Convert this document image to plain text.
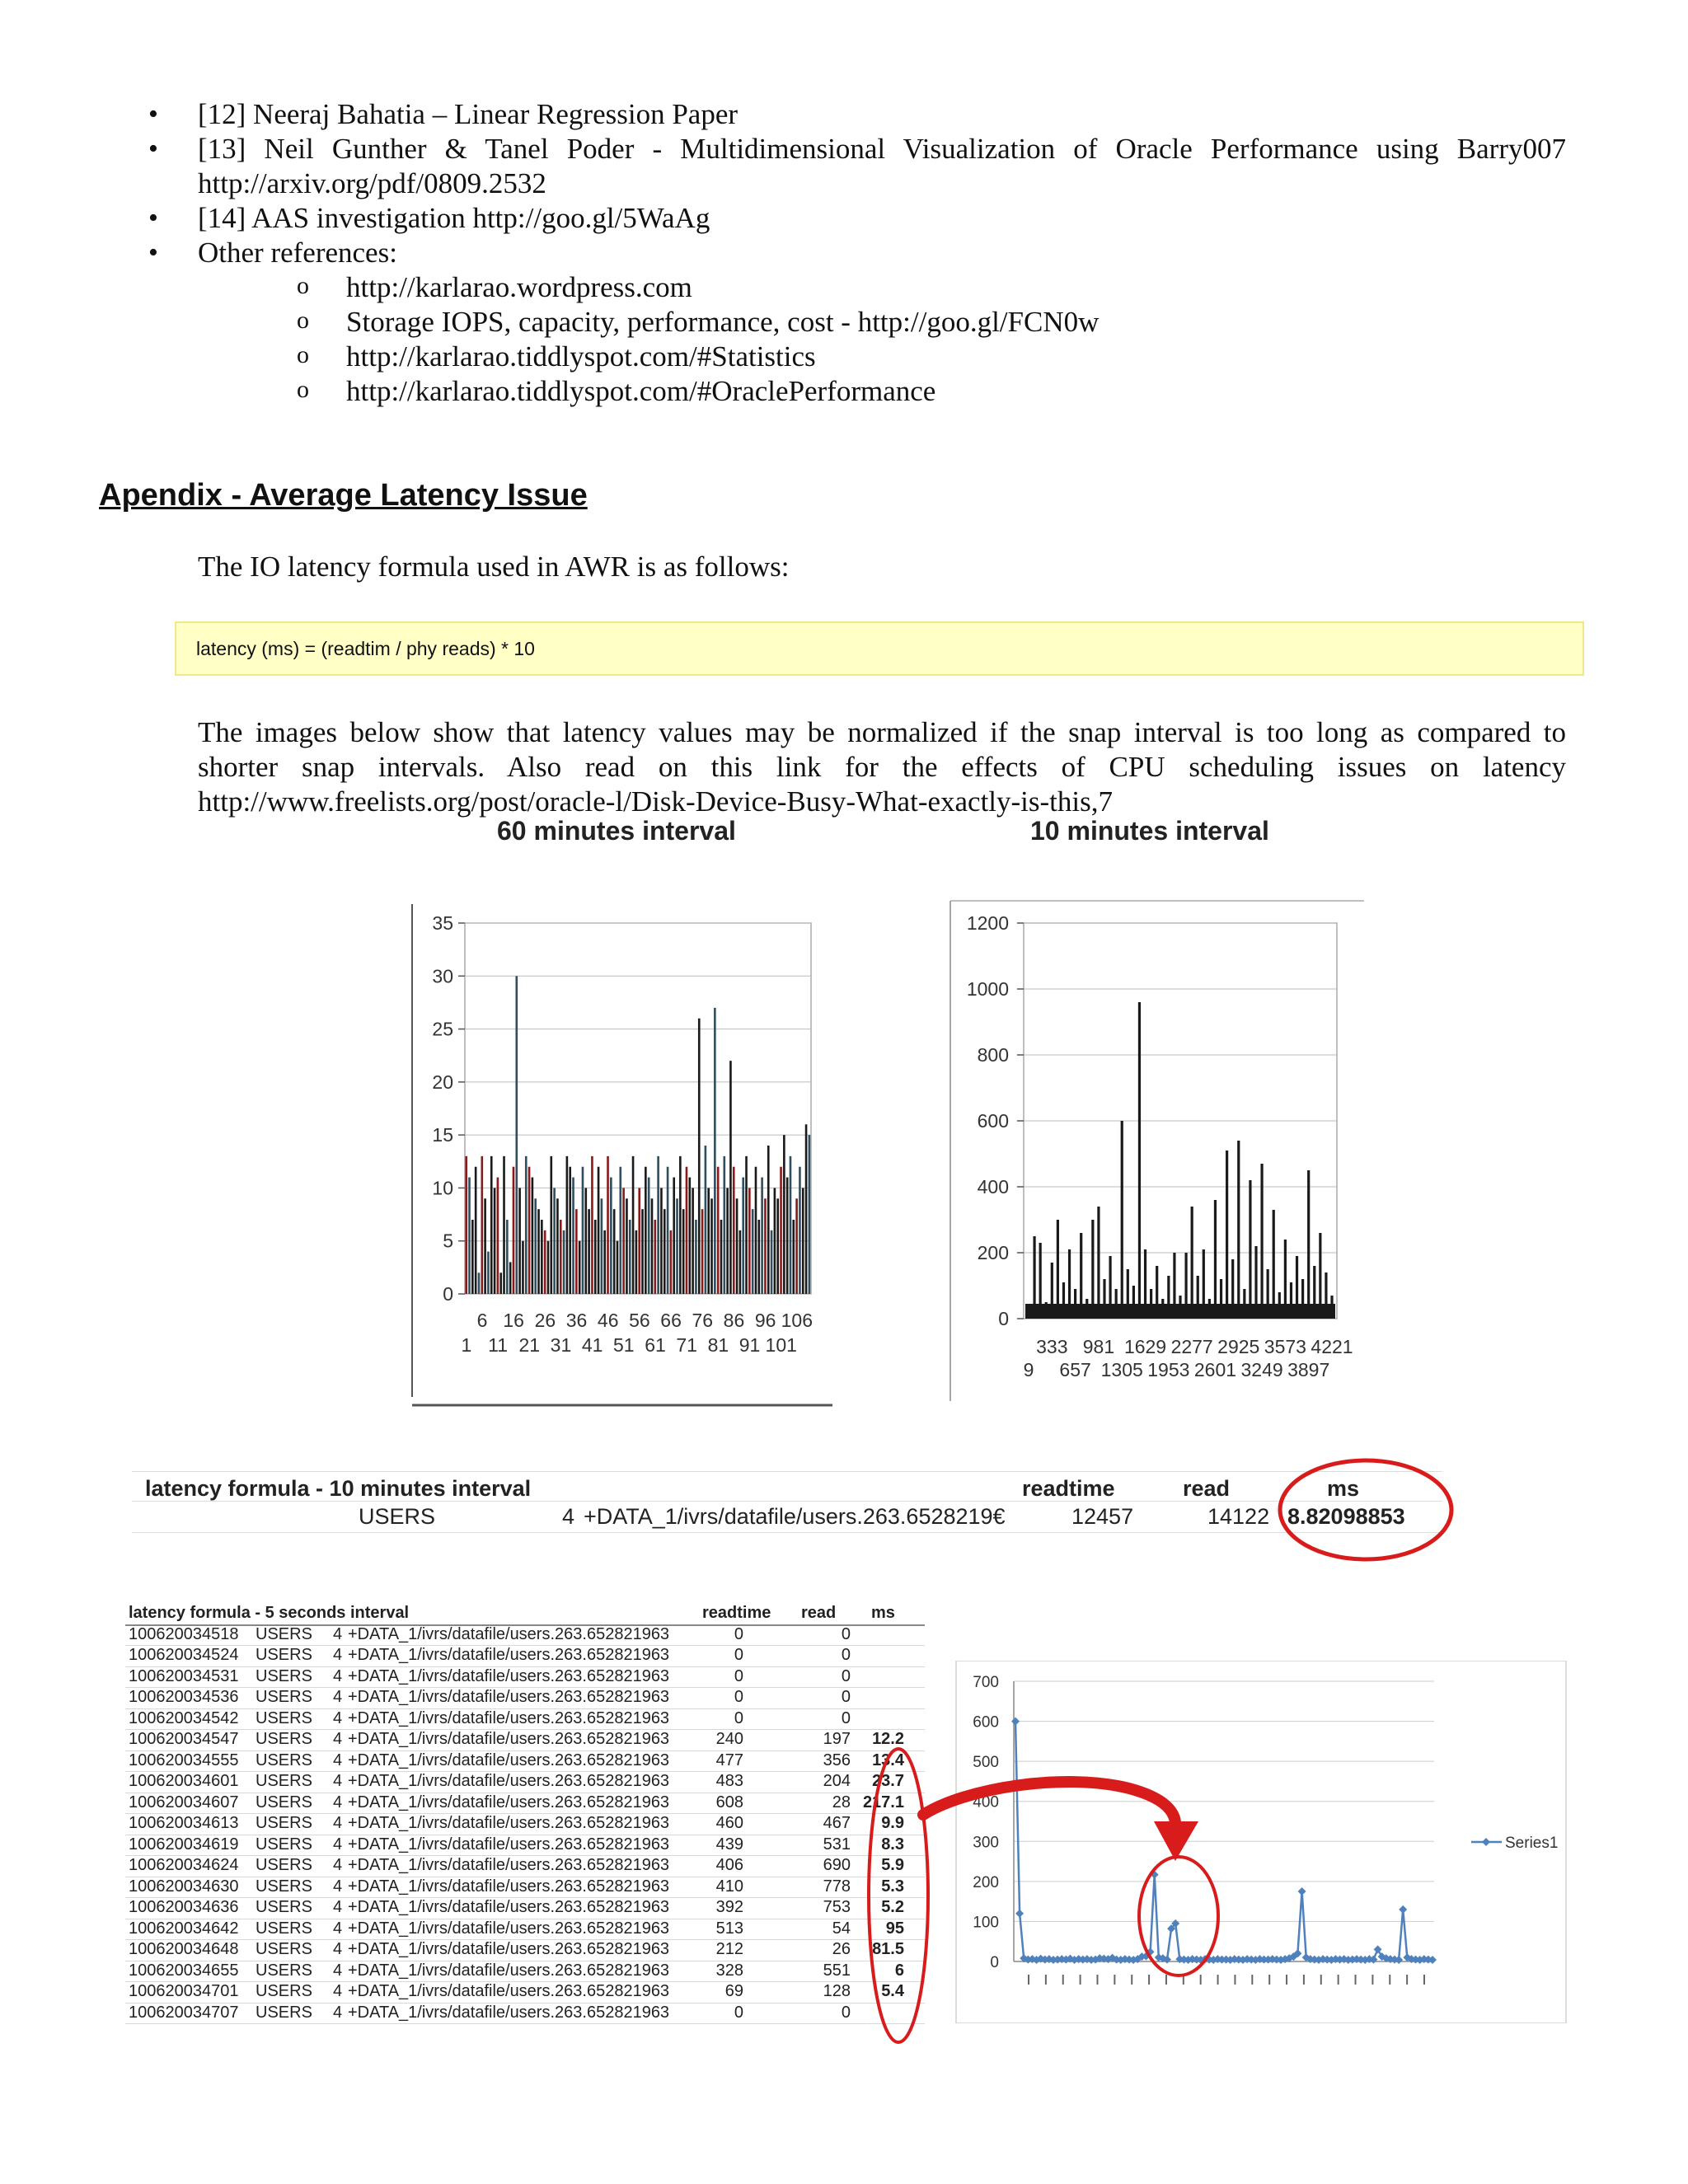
• [12] Neeraj Bahatia – Linear Regression Paper
• [13] Neil Gunther & Tanel Poder - Multidimensional Visualization of Oracle Performance using Barry007
http://arxiv.org/pdf/0809.2532
• [14] AAS investigation http://goo.gl/5WaAg
• Other references:
o http://karlarao.wordpress.com
o Storage IOPS, capacity, performance, cost - http://goo.gl/FCN0w
o http://karlarao.tiddlyspot.com/#Statistics
o http://karlarao.tiddlyspot.com/#OraclePerformance
Apendix - Average Latency Issue
The IO latency formula used in AWR is as follows:
latency (ms) = (readtim / phy reads) * 10
The images below show that latency values may be normalized if the snap interval is too long as compared to
shorter snap intervals. Also read on this link for the effects of CPU scheduling issues on latency
http://www.freelists.org/post/oracle-l/Disk-Device-Busy-What-exactly-is-this,7
60 minutes interval	10 minutes interval
0
5
10
15
20
25
30
35
6 16 26 36 46 56 66 76 86 96 106
1 11 21 31 41 51 61 71 81 91 101
0
200
400
600
800
1000
1200
333 981 1629 2277 2925 3573 4221
9 657 1305 1953 2601 3249 3897
latency formula - 10 minutes interval	readtime	read	ms
USERS	4 +DATA_1/ivrs/datafile/users.263.6528219€	12457	14122 8.82098853
latency formula - 5 seconds interval	readtime read ms
100620034518 USERS 4 +DATA_1/ivrs/datafile/users.263.652821963	0	0
100620034524 USERS 4 +DATA_1/ivrs/datafile/users.263.652821963	0	0
100620034531 USERS 4 +DATA_1/ivrs/datafile/users.263.652821963	0	0
100620034536 USERS 4 +DATA_1/ivrs/datafile/users.263.652821963	0	0
100620034542 USERS 4 +DATA_1/ivrs/datafile/users.263.652821963	0	0
100620034547 USERS 4 +DATA_1/ivrs/datafile/users.263.652821963	240	197 12.2
100620034555 USERS 4 +DATA_1/ivrs/datafile/users.263.652821963	477	356 13.4
100620034601 USERS 4 +DATA_1/ivrs/datafile/users.263.652821963	483	204 23.7
100620034607 USERS 4 +DATA_1/ivrs/datafile/users.263.652821963	608	28 217.1
100620034613 USERS 4 +DATA_1/ivrs/datafile/users.263.652821963	460	467 9.9
100620034619 USERS 4 +DATA_1/ivrs/datafile/users.263.652821963	439	531 8.3
100620034624 USERS 4 +DATA_1/ivrs/datafile/users.263.652821963	406	690 5.9
100620034630 USERS 4 +DATA_1/ivrs/datafile/users.263.652821963	410	778 5.3
100620034636 USERS 4 +DATA_1/ivrs/datafile/users.263.652821963	392	753 5.2
100620034642 USERS 4 +DATA_1/ivrs/datafile/users.263.652821963	513	54 95
100620034648 USERS 4 +DATA_1/ivrs/datafile/users.263.652821963	212	26 81.5
100620034655 USERS 4 +DATA_1/ivrs/datafile/users.263.652821963	328	551	6
100620034701 USERS 4 +DATA_1/ivrs/datafile/users.263.652821963	69	128 5.4
100620034707 USERS 4 +DATA_1/ivrs/datafile/users.263.652821963	0	0
0
100
200
300
400
500
600
700
Series1
